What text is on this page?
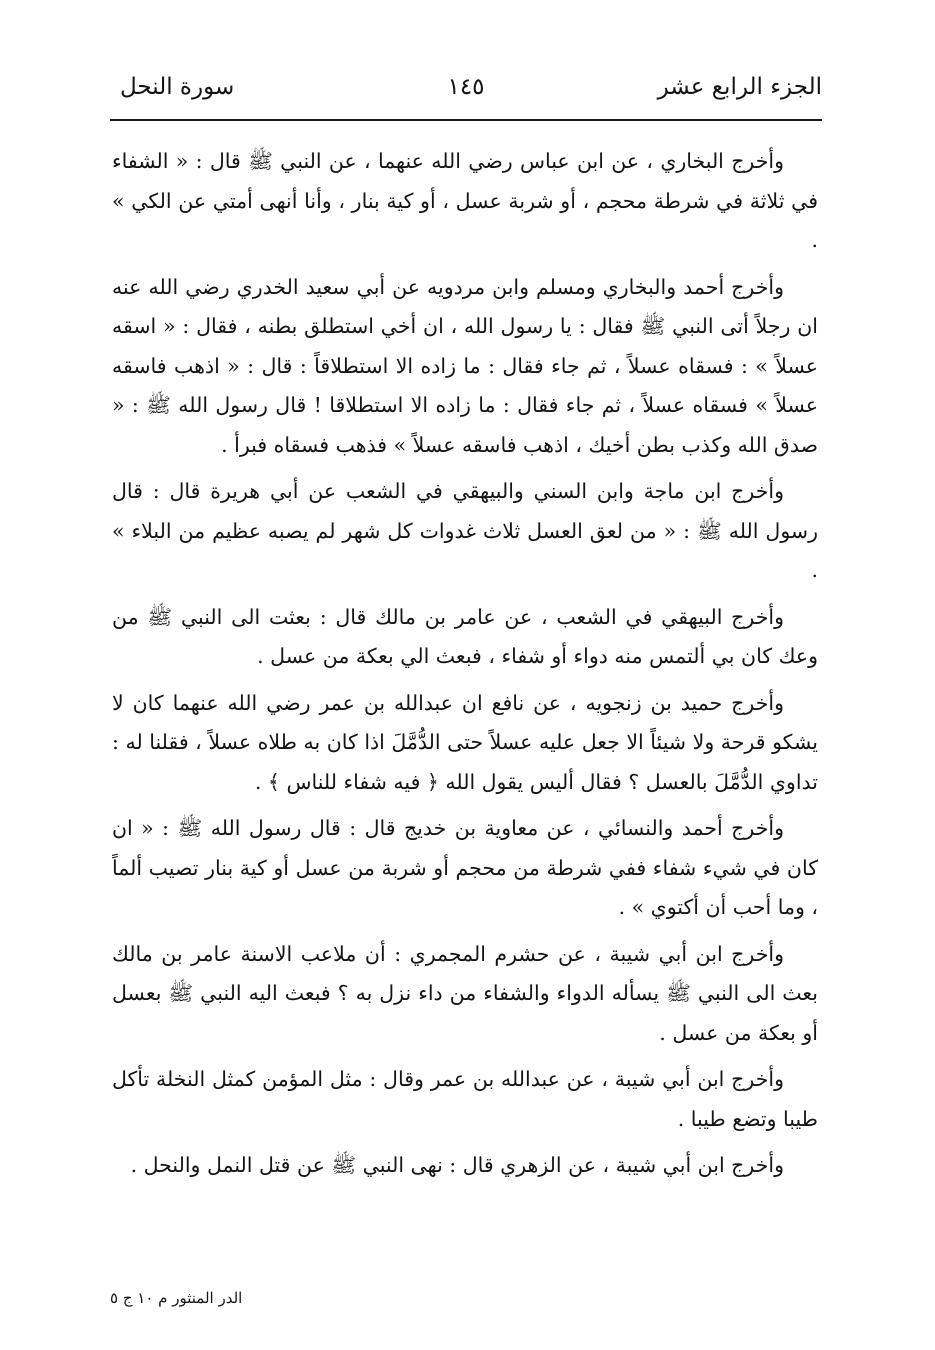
الجزء الرابع عشر
١٤٥
سورة النحل

وأخرج البخاري ، عن ابن عباس رضي الله عنهما ، عن النبي ﷺ قال : « الشفاء في ثلاثة في شرطة محجم ، أو شربة عسل ، أو كية بنار ، وأنا أنهى أمتي عن الكي » .

وأخرج أحمد والبخاري ومسلم وابن مردويه عن أبي سعيد الخدري رضي الله عنه ان رجلاً أتى النبي ﷺ فقال : يا رسول الله ، ان أخي استطلق بطنه ، فقال : « اسقه عسلاً » : فسقاه عسلاً ، ثم جاء فقال : ما زاده الا استطلاقاً : قال : « اذهب فاسقه عسلاً » فسقاه عسلاً ، ثم جاء فقال : ما زاده الا استطلاقا ! قال رسول الله ﷺ : « صدق الله وكذب بطن أخيك ، اذهب فاسقه عسلاً » فذهب فسقاه فبرأ .

وأخرج ابن ماجة وابن السني والبيهقي في الشعب عن أبي هريرة قال : قال رسول الله ﷺ : « من لعق العسل ثلاث غدوات كل شهر لم يصبه عظيم من البلاء » .

وأخرج البيهقي في الشعب ، عن عامر بن مالك قال : بعثت الى النبي ﷺ من وعك كان بي ألتمس منه دواء أو شفاء ، فبعث الي بعكة من عسل .

وأخرج حميد بن زنجويه ، عن نافع ان عبدالله بن عمر رضي الله عنهما كان لا يشكو قرحة ولا شيئاً الا جعل عليه عسلاً حتى الدُّمَّلَ اذا كان به طلاه عسلاً ، فقلنا له : تداوي الدُّمَّلَ بالعسل ؟ فقال أليس يقول الله ﴿ فيه شفاء للناس ﴾ .

وأخرج أحمد والنسائي ، عن معاوية بن خديج قال : قال رسول الله ﷺ : « ان كان في شيء شفاء ففي شرطة من محجم أو شربة من عسل أو كية بنار تصيب ألماً ، وما أحب أن أكتوي » .

وأخرج ابن أبي شيبة ، عن حشرم المجمري : أن ملاعب الاسنة عامر بن مالك بعث الى النبي ﷺ يسأله الدواء والشفاء من داء نزل به ؟ فبعث اليه النبي ﷺ بعسل أو بعكة من عسل .

وأخرج ابن أبي شيبة ، عن عبدالله بن عمر وقال : مثل المؤمن كمثل النخلة تأكل طيبا وتضع طيبا .

وأخرج ابن أبي شيبة ، عن الزهري قال : نهى النبي ﷺ عن قتل النمل والنحل .

الدر المنثور م ١٠ ج ٥
